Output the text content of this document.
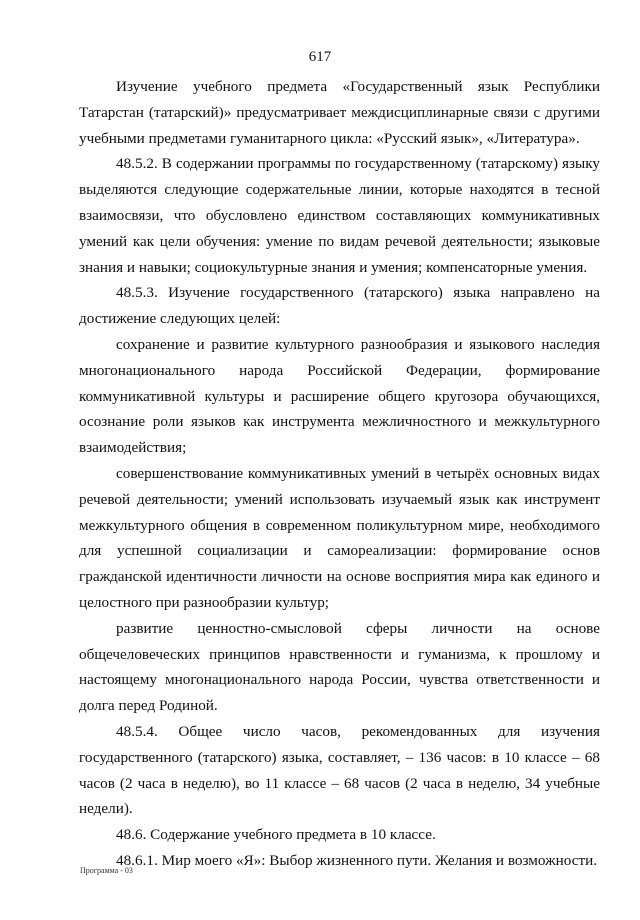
617

Изучение учебного предмета «Государственный язык Республики Татарстан (татарский)» предусматривает междисциплинарные связи с другими учебными предметами гуманитарного цикла: «Русский язык», «Литература».

48.5.2. В содержании программы по государственному (татарскому) языку выделяются следующие содержательные линии, которые находятся в тесной взаимосвязи, что обусловлено единством составляющих коммуникативных умений как цели обучения: умение по видам речевой деятельности; языковые знания и навыки; социокультурные знания и умения; компенсаторные умения.

48.5.3. Изучение государственного (татарского) языка направлено на достижение следующих целей:

сохранение и развитие культурного разнообразия и языкового наследия многонационального народа Российской Федерации, формирование коммуникативной культуры и расширение общего кругозора обучающихся, осознание роли языков как инструмента межличностного и межкультурного взаимодействия;

совершенствование коммуникативных умений в четырёх основных видах речевой деятельности; умений использовать изучаемый язык как инструмент межкультурного общения в современном поликультурном мире, необходимого для успешной социализации и самореализации: формирование основ гражданской идентичности личности на основе восприятия мира как единого и целостного при разнообразии культур;

развитие ценностно-смысловой сферы личности на основе общечеловеческих принципов нравственности и гуманизма, к прошлому и настоящему многонационального народа России, чувства ответственности и долга перед Родиной.

48.5.4. Общее число часов, рекомендованных для изучения государственного (татарского) языка, составляет, – 136 часов: в 10 классе – 68 часов (2 часа в неделю), во 11 классе – 68 часов (2 часа в неделю, 34 учебные недели).

48.6. Содержание учебного предмета в 10 классе.

48.6.1. Мир моего «Я»: Выбор жизненного пути. Желания и возможности.

Программа - 03
